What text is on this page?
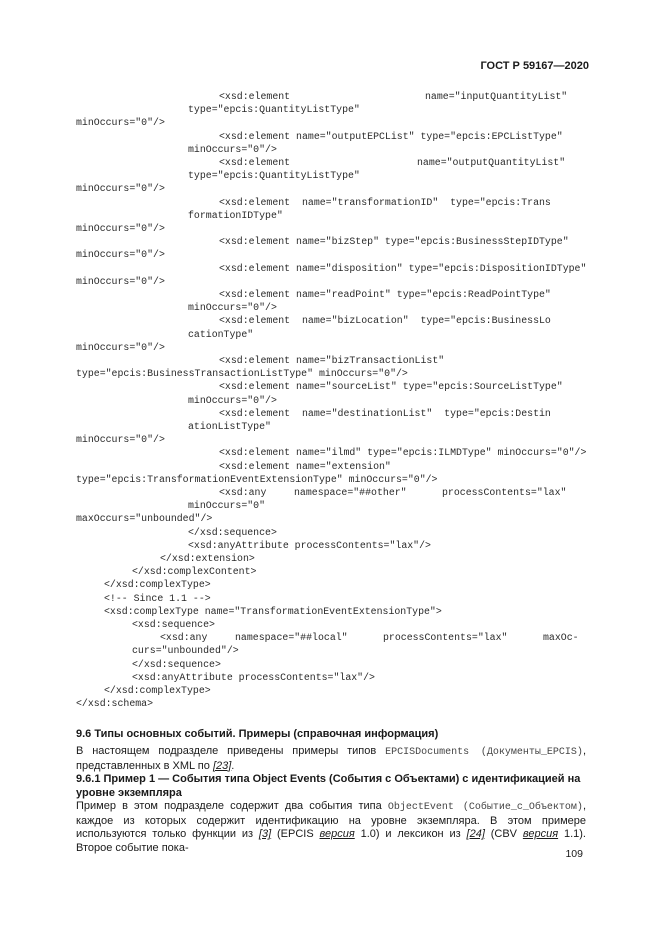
ГОСТ Р 59167—2020
<xsd:element	name="inputQuantityList"
type="epcis:QuantityListType"
minOccurs="0"/>
<xsd:element name="outputEPCList" type="epcis:EPCListType"
minOccurs="0"/>
<xsd:element	name="outputQuantityList"
type="epcis:QuantityListType"
minOccurs="0"/>
<xsd:element  name="transformationID"  type="epcis:Trans
formationIDType"
minOccurs="0"/>
<xsd:element name="bizStep" type="epcis:BusinessStepIDType"
minOccurs="0"/>
<xsd:element name="disposition" type="epcis:DispositionIDType"
minOccurs="0"/>
<xsd:element name="readPoint" type="epcis:ReadPointType"
minOccurs="0"/>
<xsd:element  name="bizLocation"  type="epcis:BusinessLo
cationType"
minOccurs="0"/>
<xsd:element name="bizTransactionList"
type="epcis:BusinessTransactionListType" minOccurs="0"/>
<xsd:element name="sourceList" type="epcis:SourceListType"
minOccurs="0"/>
<xsd:element  name="destinationList"  type="epcis:Destin
ationListType"
minOccurs="0"/>
<xsd:element name="ilmd" type="epcis:ILMDType" minOccurs="0"/>
<xsd:element name="extension"
type="epcis:TransformationEventExtensionType" minOccurs="0"/>
<xsd:any	namespace="##other"	processContents="lax"
minOccurs="0"
maxOccurs="unbounded"/>
</xsd:sequence>
<xsd:anyAttribute processContents="lax"/>
</xsd:extension>
</xsd:complexContent>
</xsd:complexType>
<!-- Since 1.1 -->
<xsd:complexType name="TransformationEventExtensionType">
<xsd:sequence>
<xsd:any	namespace="##local"	processContents="lax"	maxOc-
curs="unbounded"/>
</xsd:sequence>
<xsd:anyAttribute processContents="lax"/>
</xsd:complexType>
</xsd:schema>
9.6 Типы основных событий. Примеры (справочная информация)
В настоящем подразделе приведены примеры типов EPCISDocuments (Документы_EPCIS), представленных в XML по [23].
9.6.1 Пример 1 — События типа Object Events (События с Объектами) с идентификацией на уровне экземпляра
Пример в этом подразделе содержит два события типа ObjectEvent (Событие_с_Объектом), каждое из которых содержит идентификацию на уровне экземпляра. В этом примере используются только функции из [3] (EPCIS версия 1.0) и лексикон из [24] (CBV версия 1.1). Второе событие пока-
109
